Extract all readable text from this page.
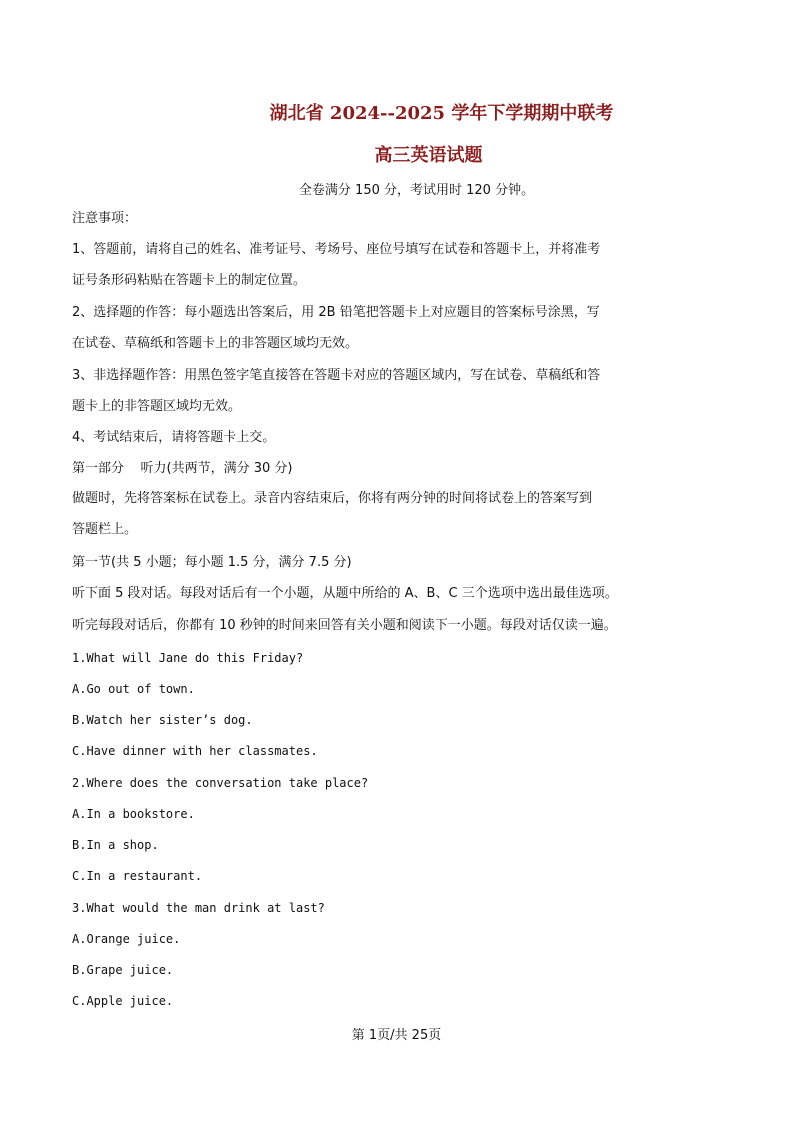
湖北省 2024--2025 学年下学期期中联考
高三英语试题
全卷满分 150 分，考试用时 120 分钟。
注意事项：
1、答题前，请将自己的姓名、准考证号、考场号、座位号填写在试卷和答题卡上，并将准考
证号条形码粘贴在答题卡上的制定位置。
2、选择题的作答：每小题选出答案后，用 2B 铅笔把答题卡上对应题目的答案标号涂黑，写
在试卷、草稿纸和答题卡上的非答题区域均无效。
3、非选择题作答：用黑色签字笔直接答在答题卡对应的答题区域内，写在试卷、草稿纸和答
题卡上的非答题区域均无效。
4、考试结束后，请将答题卡上交。
第一部分    听力(共两节，满分 30 分)
做题时，先将答案标在试卷上。录音内容结束后，你将有两分钟的时间将试卷上的答案写到
答题栏上。
第一节(共 5 小题；每小题 1.5 分，满分 7.5 分)
听下面 5 段对话。每段对话后有一个小题，从题中所给的 A、B、C 三个选项中选出最佳选项。
听完每段对话后，你都有 10 秒钟的时间来回答有关小题和阅读下一小题。每段对话仅读一遍。
1.What will Jane do this Friday?
A.Go out of town.
B.Watch her sister’s dog.
C.Have dinner with her classmates.
2.Where does the conversation take place?
A.In a bookstore.
B.In a shop.
C.In a restaurant.
3.What would the man drink at last?
A.Orange juice.
B.Grape juice.
C.Apple juice.
第 1页/共 25页
